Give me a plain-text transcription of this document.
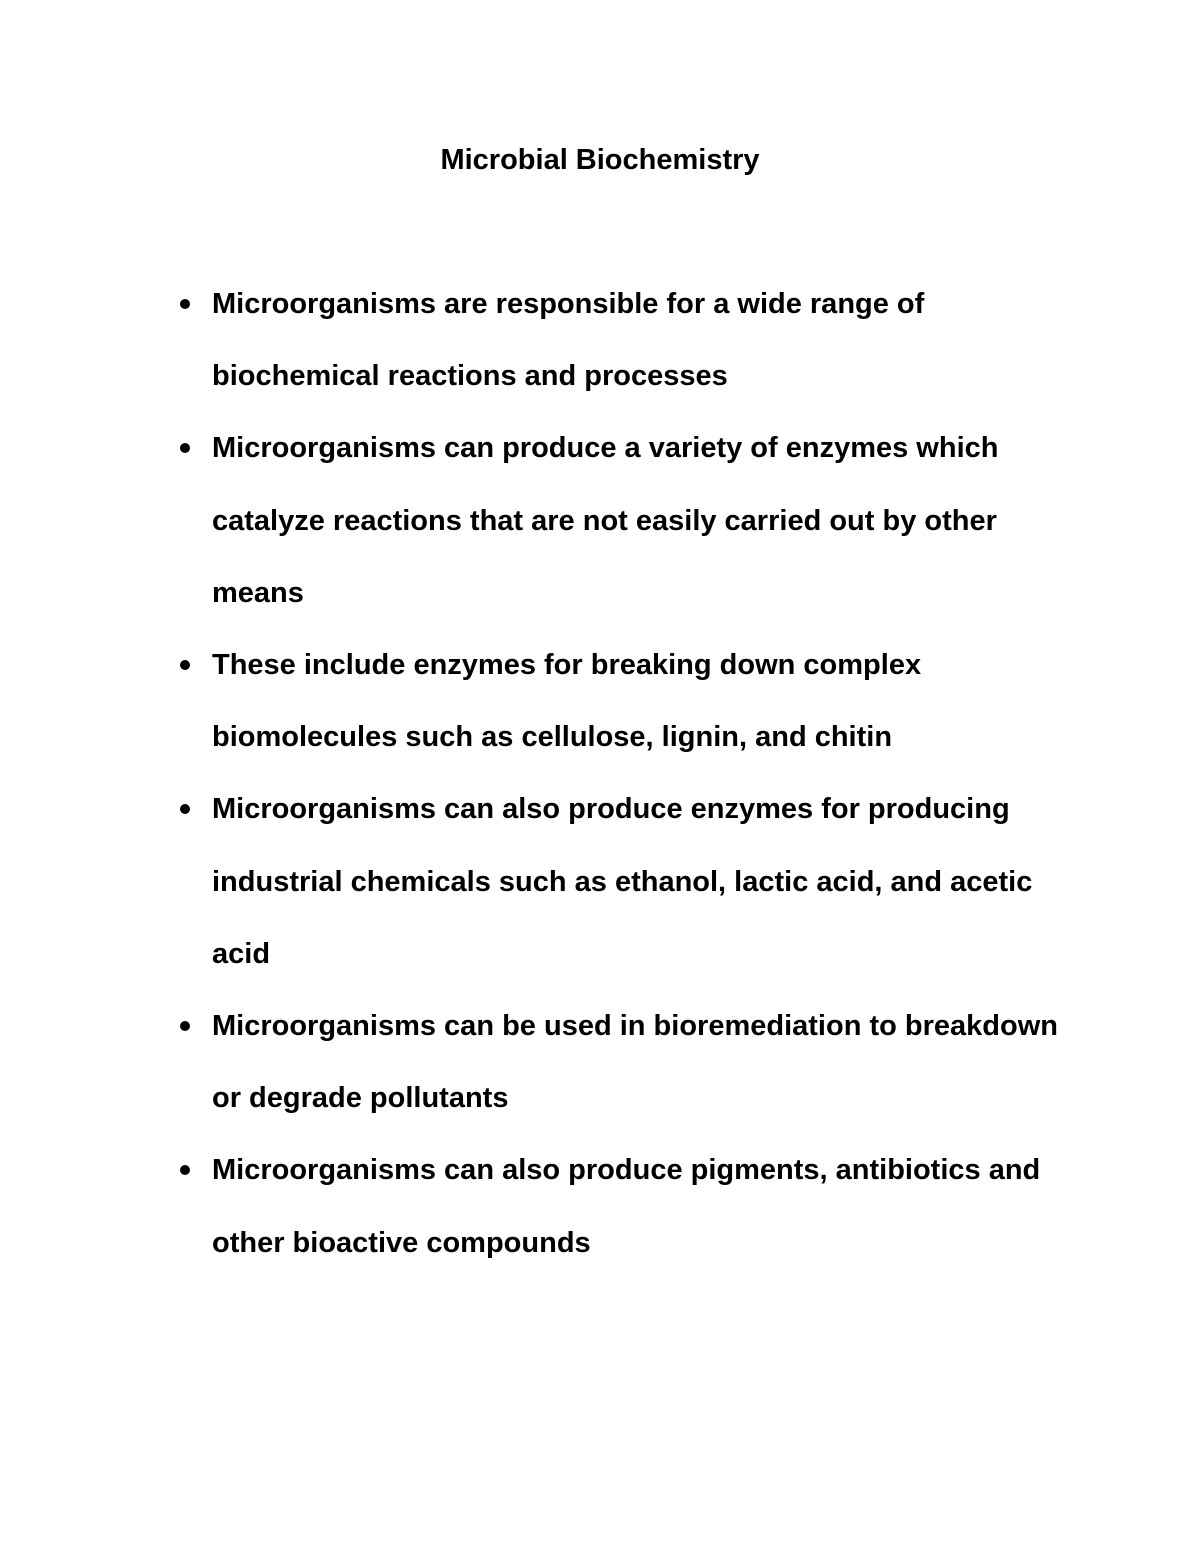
Microbial Biochemistry
Microorganisms are responsible for a wide range of biochemical reactions and processes
Microorganisms can produce a variety of enzymes which catalyze reactions that are not easily carried out by other means
These include enzymes for breaking down complex biomolecules such as cellulose, lignin, and chitin
Microorganisms can also produce enzymes for producing industrial chemicals such as ethanol, lactic acid, and acetic acid
Microorganisms can be used in bioremediation to breakdown or degrade pollutants
Microorganisms can also produce pigments, antibiotics and other bioactive compounds
